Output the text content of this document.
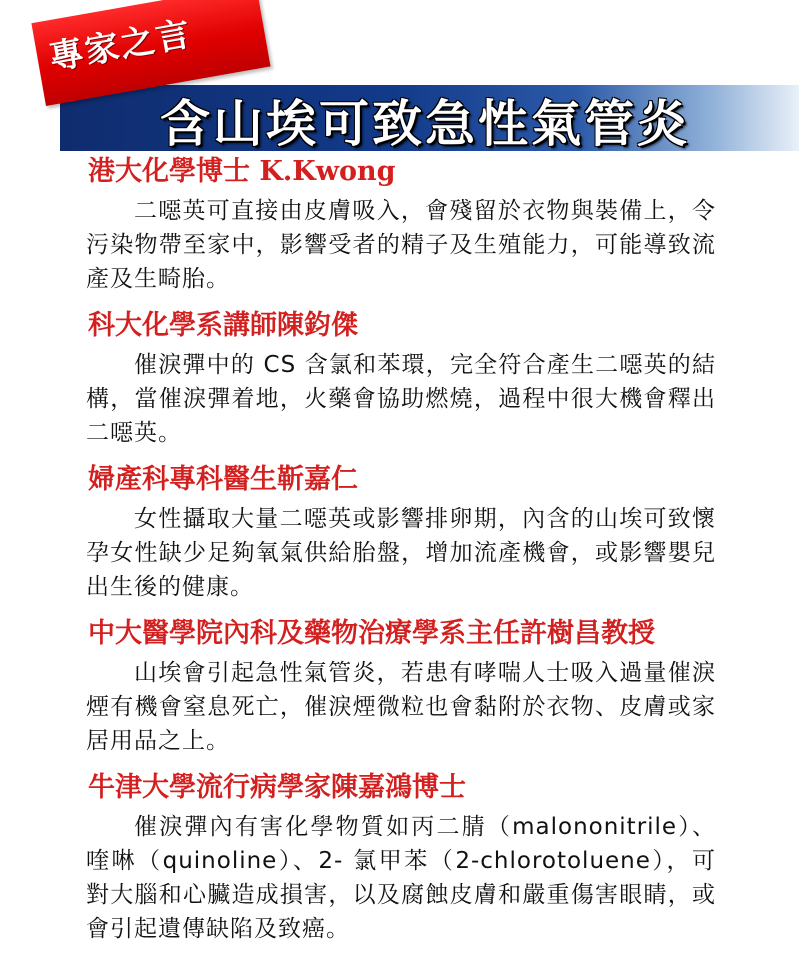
專家之言
含山埃可致急性氣管炎
港大化學博士 K.Kwong

二噁英可直接由皮膚吸入，會殘留於衣物與裝備上，令污染物帶至家中，影響受者的精子及生殖能力，可能導致流產及生畸胎。

科大化學系講師陳鈞傑

催淚彈中的 CS 含氯和苯環，完全符合產生二噁英的結構，當催淚彈着地，火藥會協助燃燒，過程中很大機會釋出二噁英。

婦產科專科醫生靳嘉仁

女性攝取大量二噁英或影響排卵期，內含的山埃可致懷孕女性缺少足夠氧氣供給胎盤，增加流產機會，或影響嬰兒出生後的健康。

中大醫學院內科及藥物治療學系主任許樹昌教授

山埃會引起急性氣管炎，若患有哮喘人士吸入過量催淚煙有機會窒息死亡，催淚煙微粒也會黏附於衣物、皮膚或家居用品之上。

牛津大學流行病學家陳嘉鴻博士

催淚彈內有害化學物質如丙二腈（malononitrile）、喹啉（quinoline）、2- 氯甲苯（2-chlorotoluene），可對大腦和心臟造成損害，以及腐蝕皮膚和嚴重傷害眼睛，或會引起遺傳缺陷及致癌。
